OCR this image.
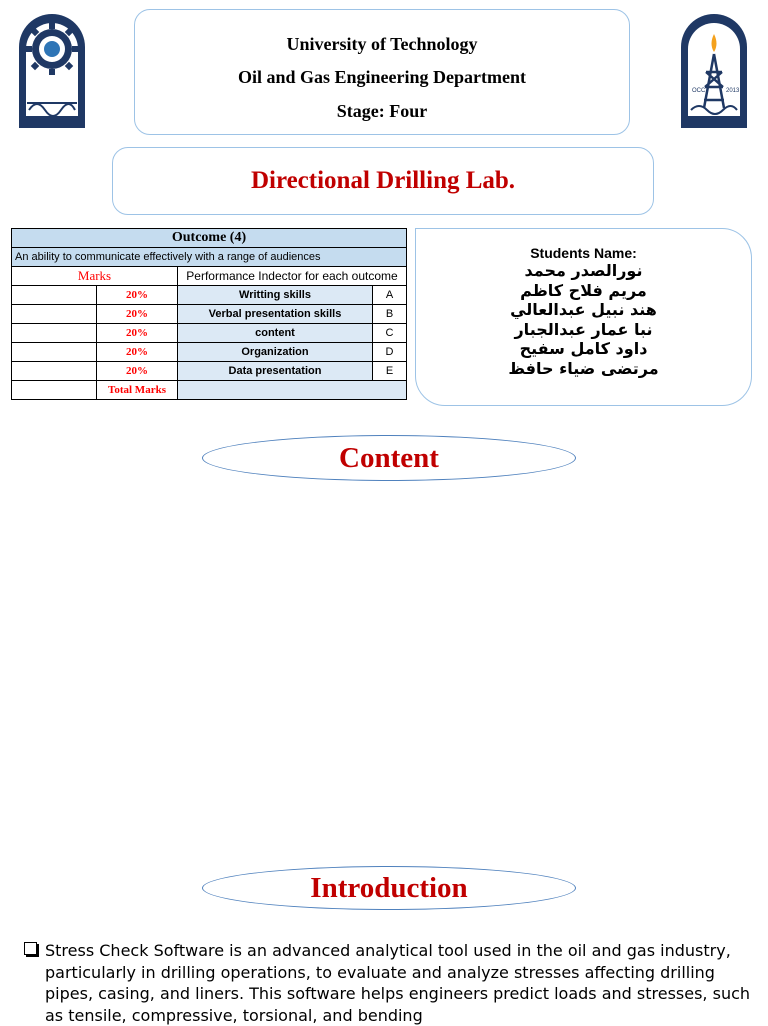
OCC	2013
University of Technology
Oil and Gas Engineering Department
Stage: Four
Directional Drilling Lab.
Outcome (4)			
An ability to communicate effectively with a range of audiences			
Marks		Performance Indector for each outcome	
	20%	Writting skills	A
	20%	Verbal presentation skills	B
	20%	content	C
	20%	Organization	D
	20%	Data presentation	E
	Total Marks		
Students Name:
نورالصدر محمد
مريم فلاح كاظم
هند نبيل عبدالعالي
نبا عمار عبدالجبار
داود كامل سفيح
مرتضى ضياء حافظ
Content
Introduction
Stress Check Software is an advanced analytical tool used in the oil and gas industry, particularly in drilling operations, to evaluate and analyze stresses affecting drilling pipes, casing, and liners. This software helps engineers predict loads and stresses, such as tensile, compressive, torsional, and bending
